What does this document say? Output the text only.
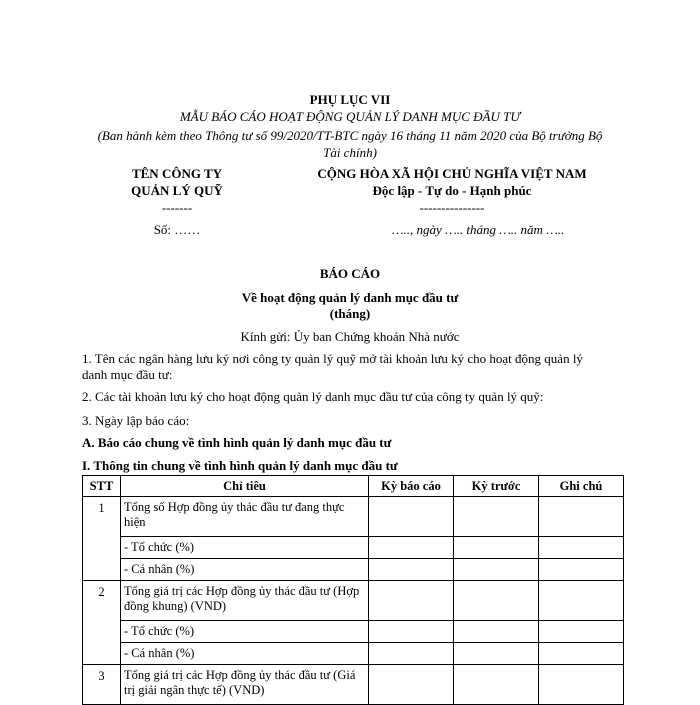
PHỤ LỤC VII
MẪU BÁO CÁO HOẠT ĐỘNG QUẢN LÝ DANH MỤC ĐẦU TƯ
(Ban hành kèm theo Thông tư số 99/2020/TT-BTC ngày 16 tháng 11 năm 2020 của Bộ trưởng Bộ
Tài chính)
TÊN CÔNG TY
QUẢN LÝ QUỸ
-------
Số: ……
CỘNG HÒA XÃ HỘI CHỦ NGHĨA VIỆT NAM
Độc lập - Tự do - Hạnh phúc
---------------
….., ngày ….. tháng ….. năm …..
BÁO CÁO
Về hoạt động quản lý danh mục đầu tư
(tháng)
Kính gửi: Ủy ban Chứng khoán Nhà nước
1. Tên các ngân hàng lưu ký nơi công ty quản lý quỹ mở tài khoản lưu ký cho hoạt động quản lý
danh mục đầu tư:
2. Các tài khoản lưu ký cho hoạt động quản lý danh mục đầu tư của công ty quản lý quỹ:
3. Ngày lập báo cáo:
A. Báo cáo chung về tình hình quản lý danh mục đầu tư
I. Thông tin chung về tình hình quản lý danh mục đầu tư
STT	Chỉ tiêu	Kỳ báo cáo	Kỳ trước	Ghi chú
1	Tổng số Hợp đồng ủy thác đầu tư đang thực hiện			
	- Tổ chức (%)			
	- Cá nhân (%)			
2	Tổng giá trị các Hợp đồng ủy thác đầu tư (Hợp đồng khung) (VND)			
	- Tổ chức (%)			
	- Cá nhân (%)			
3	Tổng giá trị các Hợp đồng ủy thác đầu tư (Giá trị giải ngân thực tế) (VND)			
